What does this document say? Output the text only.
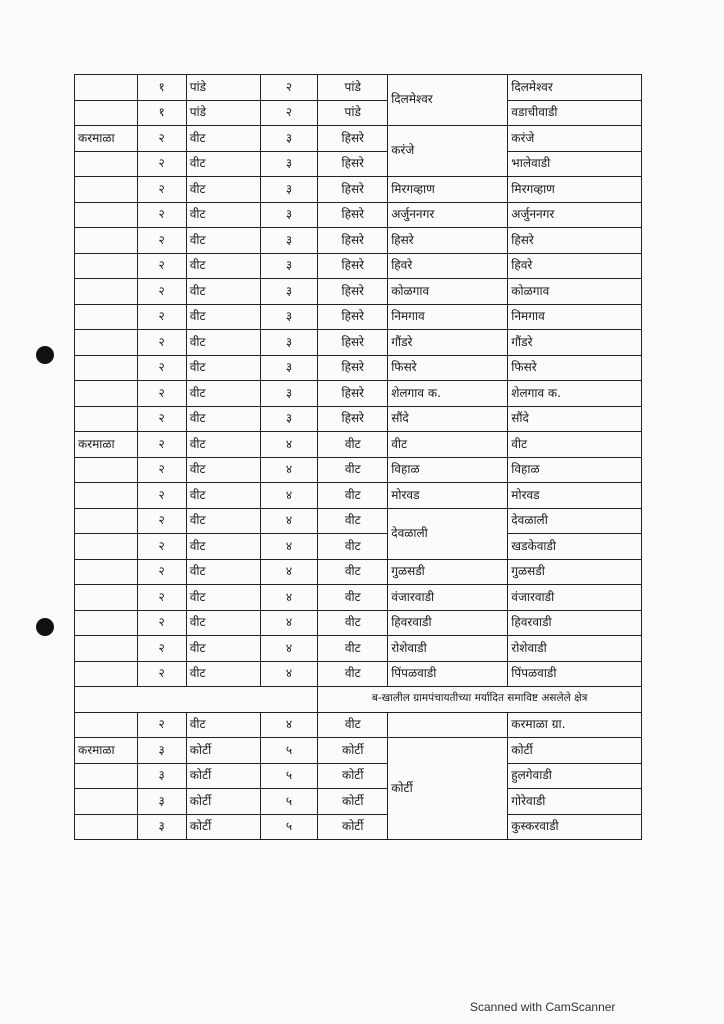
	१	पांडे	२	पांडे	दिलमेश्वर	दिलमेश्वर
	१	पांडे	२	पांडे		वडाचीवाडी
करमाळा	२	वीट	३	हिसरे	करंजे	करंजे
	२	वीट	३	हिसरे		भालेवाडी
	२	वीट	३	हिसरे	मिरगव्हाण	मिरगव्हाण
	२	वीट	३	हिसरे	अर्जुननगर	अर्जुननगर
	२	वीट	३	हिसरे	हिसरे	हिसरे
	२	वीट	३	हिसरे	हिवरे	हिवरे
	२	वीट	३	हिसरे	कोळगाव	कोळगाव
	२	वीट	३	हिसरे	निमगाव	निमगाव
	२	वीट	३	हिसरे	गौंडरे	गौंडरे
	२	वीट	३	हिसरे	फिसरे	फिसरे
	२	वीट	३	हिसरे	शेलगाव क.	शेलगाव क.
	२	वीट	३	हिसरे	सौंदे	सौंदे
करमाळा	२	वीट	४	वीट	वीट	वीट
	२	वीट	४	वीट	विहाळ	विहाळ
	२	वीट	४	वीट	मोरवड	मोरवड
	२	वीट	४	वीट	देवळाली	देवळाली
	२	वीट	४	वीट		खडकेवाडी
	२	वीट	४	वीट	गुळसडी	गुळसडी
	२	वीट	४	वीट	वंजारवाडी	वंजारवाडी
	२	वीट	४	वीट	हिवरवाडी	हिवरवाडी
	२	वीट	४	वीट	रोशेवाडी	रोशेवाडी
	२	वीट	४	वीट	पिंपळवाडी	पिंपळवाडी
				ब-खालील ग्रामपंचायतीच्या मर्यादित समाविष्ट असलेले क्षेत्र		
	२	वीट	४	वीट		करमाळा ग्रा.
करमाळा	३	कोर्टी	५	कोर्टी	कोर्टी	कोर्टी
	३	कोर्टी	५	कोर्टी		हुलगेवाडी
	३	कोर्टी	५	कोर्टी		गोरेवाडी
	३	कोर्टी	५	कोर्टी		कुस्करवाडी
Scanned with CamScanner
